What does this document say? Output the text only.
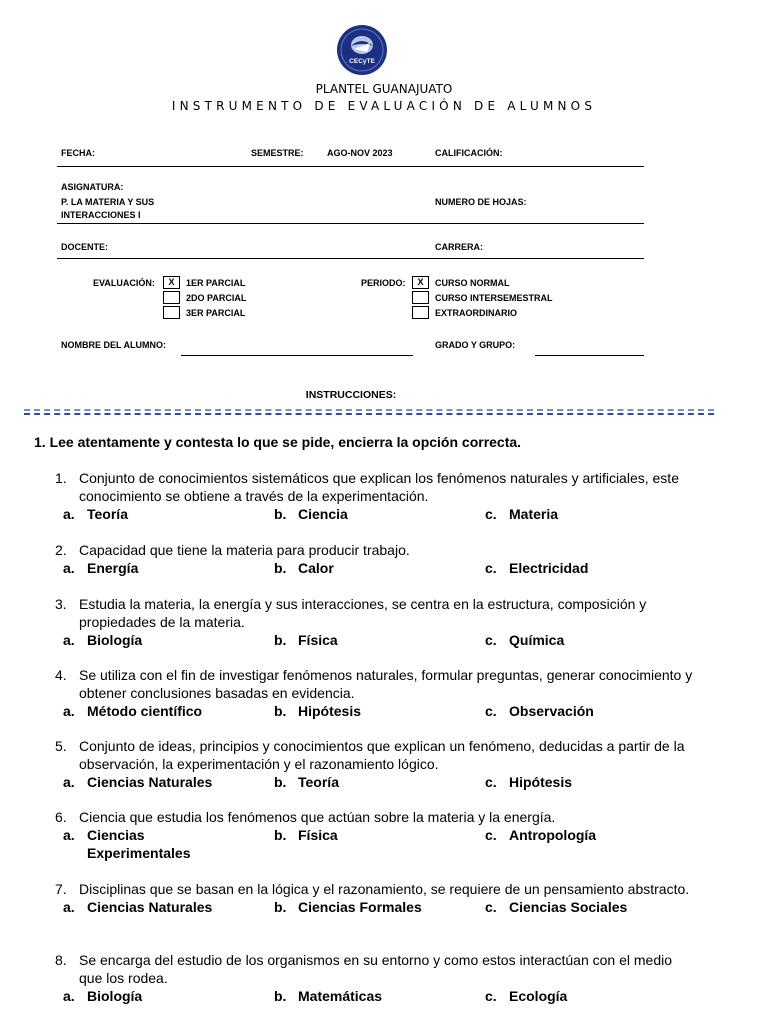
CECyTE
PLANTEL GUANAJUATO
INSTRUMENTO DE EVALUACIÓN DE ALUMNOS
FECHA:	SEMESTRE:	AGO-NOV 2023	CALIFICACIÓN:
ASIGNATURA:
P. LA MATERIA Y SUS
INTERACCIONES I
NUMERO DE HOJAS:
DOCENTE:	CARRERA:
EVALUACIÓN:	X	1ER PARCIAL
2DO PARCIAL
3ER PARCIAL
PERIODO:	X	CURSO NORMAL
CURSO INTERSEMESTRAL
EXTRAORDINARIO
NOMBRE DEL ALUMNO:	GRADO Y GRUPO:
INSTRUCCIONES:
1. Lee atentamente y contesta lo que se pide, encierra la opción correcta.
1. Conjunto de conocimientos sistemáticos que explican los fenómenos naturales y artificiales, este conocimiento se obtiene a través de la experimentación.
a. Teoría	b. Ciencia	c. Materia
2. Capacidad que tiene la materia para producir trabajo.
a. Energía	b. Calor	c. Electricidad
3. Estudia la materia, la energía y sus interacciones, se centra en la estructura, composición y propiedades de la materia.
a. Biología	b. Física	c. Química
4. Se utiliza con el fin de investigar fenómenos naturales, formular preguntas, generar conocimiento y obtener conclusiones basadas en evidencia.
a. Método científico	b. Hipótesis	c. Observación
5. Conjunto de ideas, principios y conocimientos que explican un fenómeno, deducidas a partir de la observación, la experimentación y el razonamiento lógico.
a. Ciencias Naturales	b. Teoría	c. Hipótesis
6. Ciencia que estudia los fenómenos que actúan sobre la materia y la energía.
a. Ciencias
Experimentales
b. Física	c. Antropología
7. Disciplinas que se basan en la lógica y el razonamiento, se requiere de un pensamiento abstracto.
a. Ciencias Naturales	b. Ciencias Formales	c. Ciencias Sociales
8. Se encarga del estudio de los organismos en su entorno y como estos interactúan con el medio que los rodea.
a. Biología	b. Matemáticas	c. Ecología
